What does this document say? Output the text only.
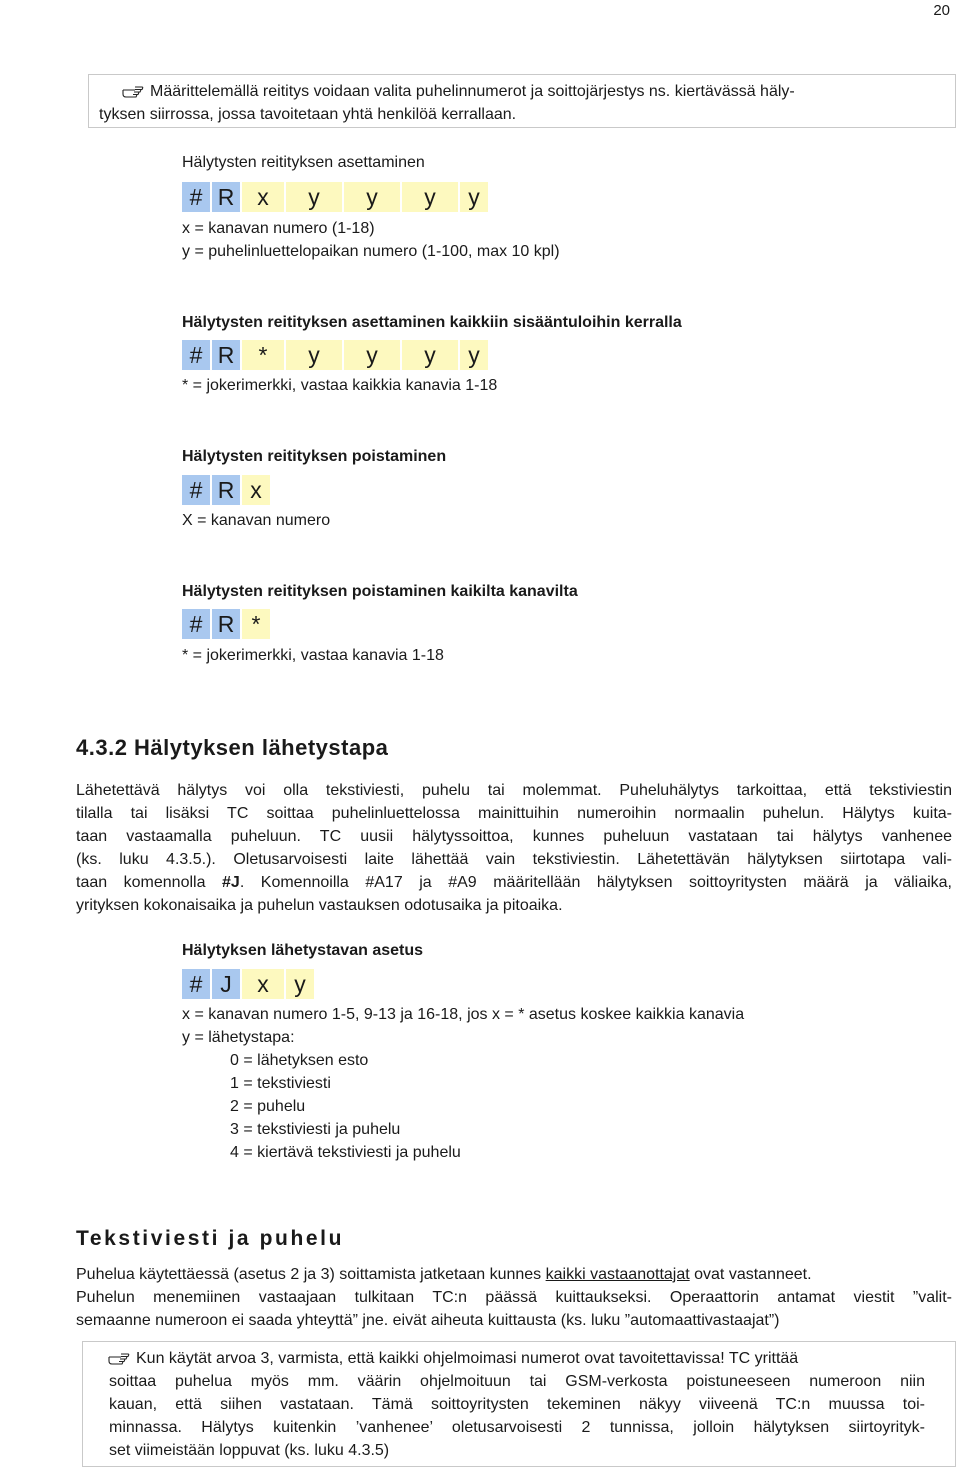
20
Määrittelemällä reititys voidaan valita puhelinnumerot ja soittojärjestys ns. kiertävässä häly-
tyksen siirrossa, jossa tavoitetaan yhtä henkilöä kerrallaan.
Hälytysten reitityksen asettaminen
# R x	y	y	y	y
x = kanavan numero (1-18)
y = puhelinluettelopaikan numero (1-100, max 10 kpl)
Hälytysten reitityksen asettaminen kaikkiin sisääntuloihin kerralla
# R	*	y	y	y	y
* = jokerimerkki, vastaa kaikkia kanavia 1-18
Hälytysten reitityksen poistaminen
# R x
X = kanavan numero
Hälytysten reitityksen poistaminen kaikilta kanavilta
# R *
* = jokerimerkki, vastaa kanavia 1-18
4.3.2 Hälytyksen lähetystapa
Lähetettävä hälytys voi olla tekstiviesti, puhelu tai molemmat. Puheluhälytys tarkoittaa, että tekstiviestin
tilalla tai lisäksi TC soittaa puhelinluettelossa mainittuihin numeroihin normaalin puhelun. Hälytys kuita-
taan vastaamalla puheluun. TC uusii hälytyssoittoa, kunnes puheluun vastataan tai hälytys vanhenee
(ks. luku 4.3.5.). Oletusarvoisesti laite lähettää vain tekstiviestin. Lähetettävän hälytyksen siirtotapa vali-
taan komennolla #J. Komennoilla #A17 ja #A9 määritellään hälytyksen soittoyritysten määrä ja väliaika,
yrityksen kokonaisaika ja puhelun vastauksen odotusaika ja pitoaika.
Hälytyksen lähetystavan asetus
# J	x	y
x = kanavan numero 1-5, 9-13 ja 16-18, jos x = * asetus koskee kaikkia kanavia
y = lähetystapa:
0 = lähetyksen esto
1 = tekstiviesti
2 = puhelu
3 = tekstiviesti ja puhelu
4 = kiertävä tekstiviesti ja puhelu
Tekstiviesti ja puhelu
Puhelua käytettäessä (asetus 2 ja 3) soittamista jatketaan kunnes kaikki vastaanottajat ovat vastanneet.
Puhelun menemiinen vastaajaan tulkitaan TC:n päässä kuittaukseksi. Operaattorin antamat viestit ”valit-
semaanne numeroon ei saada yhteyttä” jne. eivät aiheuta kuittausta (ks. luku ”automaattivastaajat”)
Kun käytät arvoa 3, varmista, että kaikki ohjelmoimasi numerot ovat tavoitettavissa! TC yrittää
soittaa puhelua myös mm. väärin ohjelmoituun tai GSM-verkosta poistuneeseen numeroon niin
kauan, että siihen vastataan. Tämä soittoyritysten tekeminen näkyy viiveenä TC:n muussa toi-
minnassa. Hälytys kuitenkin ’vanhenee’ oletusarvoisesti 2 tunnissa, jolloin hälytyksen siirtoyrityk-
set viimeistään loppuvat (ks. luku 4.3.5)
